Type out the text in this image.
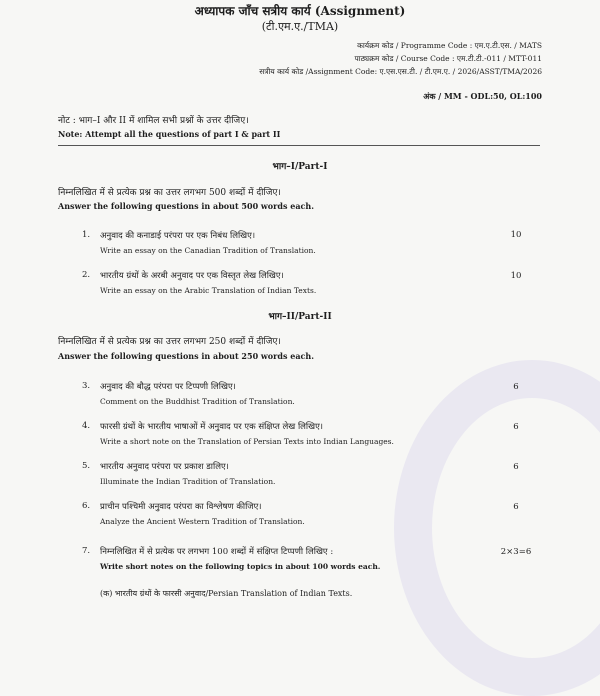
अध्यापक जाँच सत्रीय कार्य (Assignment)
(टी.एम.ए./TMA)
कार्यक्रम कोड / Programme Code : एम.ए.टी.एस. / MATS
पाठ्यक्रम कोड / Course Code : एम.टी.टी.-011 / MTT-011
सत्रीय कार्य कोड /Assignment Code: ए.एस.एस.टी. / टी.एम.ए. / 2026/ASST/TMA/2026
अंक / MM - ODL:50, OL:100
नोट : भाग–I और II में शामिल सभी प्रश्नों के उत्तर दीजिए।
Note: Attempt all the questions of part I & part II
भाग–I/Part-I
निम्नलिखित में से प्रत्येक प्रश्न का उत्तर लगभग 500 शब्दों में दीजिए।
Answer the following questions in about 500 words each.
1. अनुवाद की कनाडाई परंपरा पर एक निबंध लिखिए।
Write an essay on the Canadian Tradition of Translation.
10
2. भारतीय ग्रंथों के अरबी अनुवाद पर एक विस्तृत लेख लिखिए।
Write an essay on the Arabic Translation of Indian Texts.
10
भाग–II/Part-II
निम्नलिखित में से प्रत्येक प्रश्न का उत्तर लगभग 250 शब्दों में दीजिए।
Answer the following questions in about 250 words each.
3. अनुवाद की बौद्ध परंपरा पर टिप्पणी लिखिए।
Comment on the Buddhist Tradition of Translation.
6
4. फारसी ग्रंथों के भारतीय भाषाओं में अनुवाद पर एक संक्षिप्त लेख लिखिए।
Write a short note on the Translation of Persian Texts into Indian Languages.
6
5. भारतीय अनुवाद परंपरा पर प्रकाश डालिए।
Illuminate the Indian Tradition of Translation.
6
6. प्राचीन पश्चिमी अनुवाद परंपरा का विश्लेषण कीजिए।
Analyze the Ancient Western Tradition of Translation.
6
7. निम्नलिखित में से प्रत्येक पर लगभग 100 शब्दों में संक्षिप्त टिप्पणी लिखिए :
Write short notes on the following topics in about 100 words each.
2×3=6
(क) भारतीय ग्रंथों के फारसी अनुवाद/Persian Translation of Indian Texts.
